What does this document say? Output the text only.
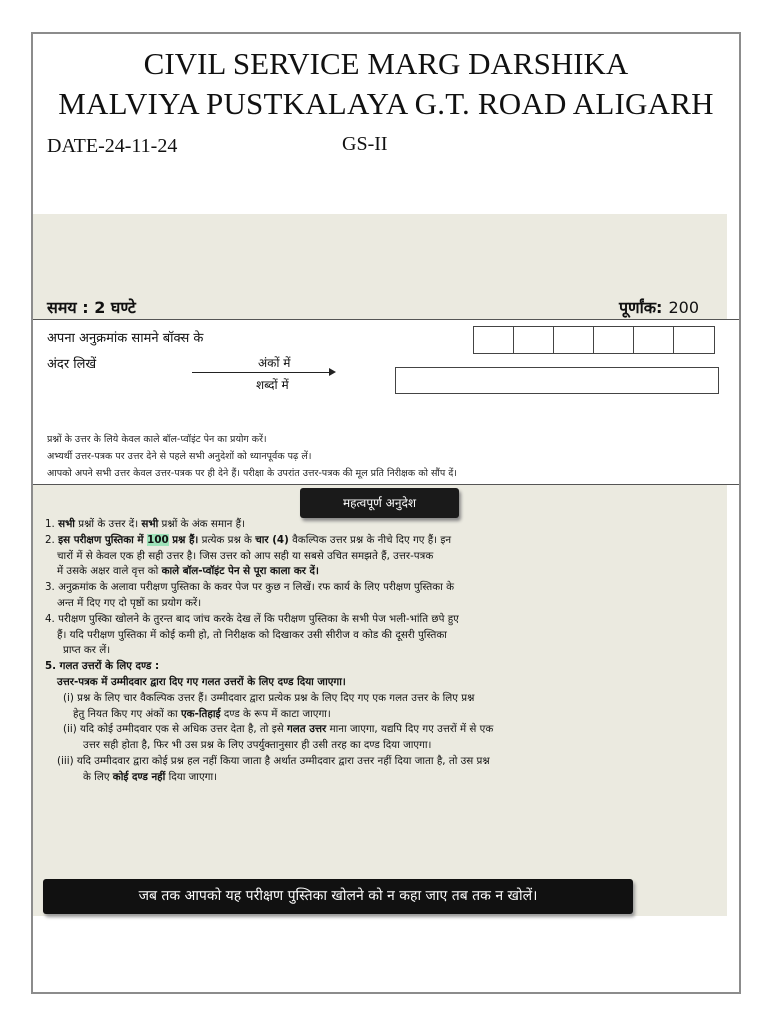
CIVIL SERVICE MARG DARSHIKA
MALVIYA PUSTKALAYA G.T. ROAD ALIGARH
DATE-24-11-24	GS-II
समय : 2 घण्टे	पूर्णांक: 200
अपना अनुक्रमांक सामने बॉक्स के
अंदर लिखें	अंकों में
शब्दों में
प्रश्नों के उत्तर के लिये केवल काले बॉल-प्वॉइंट पेन का प्रयोग करें।
अभ्यर्थी उत्तर-पत्रक पर उत्तर देने से पहले सभी अनुदेशों को ध्यानपूर्वक पढ़ लें।
आपको अपने सभी उत्तर केवल उत्तर-पत्रक पर ही देने हैं। परीक्षा के उपरांत उत्तर-पत्रक की मूल प्रति निरीक्षक को सौंप दें।
महत्वपूर्ण अनुदेश
1. सभी प्रश्नों के उत्तर दें। सभी प्रश्नों के अंक समान हैं।
2. इस परीक्षण पुस्तिका में 100 प्रश्न हैं। प्रत्येक प्रश्न के चार (4) वैकल्पिक उत्तर प्रश्न के नीचे दिए गए हैं। इन
चारों में से केवल एक ही सही उत्तर है। जिस उत्तर को आप सही या सबसे उचित समझते हैं, उत्तर-पत्रक
में उसके अक्षर वाले वृत्त को काले बॉल-प्वॉइंट पेन से पूरा काला कर दें।
3. अनुक्रमांक के अलावा परीक्षण पुस्तिका के कवर पेज पर कुछ न लिखें। रफ कार्य के लिए परीक्षण पुस्तिका के
अन्त में दिए गए दो पृष्ठों का प्रयोग करें।
4. परीक्षण पुस्किा खोलने के तुरन्त बाद जांच करके देख लें कि परीक्षण पुस्तिका के सभी पेज भली-भांति छपे हुए
हैं। यदि परीक्षण पुस्तिका में कोई कमी हो, तो निरीक्षक को दिखाकर उसी सीरीज व कोड की दूसरी पुस्तिका
प्राप्त कर लें।
5. गलत उत्तरों के लिए दण्ड :
उत्तर-पत्रक में उम्मीदवार द्वारा दिए गए गलत उत्तरों के लिए दण्ड दिया जाएगा।
(i) प्रश्न के लिए चार वैकल्पिक उत्तर हैं। उम्मीदवार द्वारा प्रत्येक प्रश्न के लिए दिए गए एक गलत उत्तर के लिए प्रश्न
हेतु नियत किए गए अंकों का एक-तिहाई दण्ड के रूप में काटा जाएगा।
(ii) यदि कोई उम्मीदवार एक से अधिक उत्तर देता है, तो इसे गलत उत्तर माना जाएगा, यद्यपि दिए गए उत्तरों में से एक
उत्तर सही होता है, फिर भी उस प्रश्न के लिए उपर्युक्तानुसार ही उसी तरह का दण्ड दिया जाएगा।
(iii) यदि उम्मीदवार द्वारा कोई प्रश्न हल नहीं किया जाता है अर्थात उम्मीदवार द्वारा उत्तर नहीं दिया जाता है, तो उस प्रश्न
के लिए कोई दण्ड नहीं दिया जाएगा।
जब तक आपको यह परीक्षण पुस्तिका खोलने को न कहा जाए तब तक न खोलें।
